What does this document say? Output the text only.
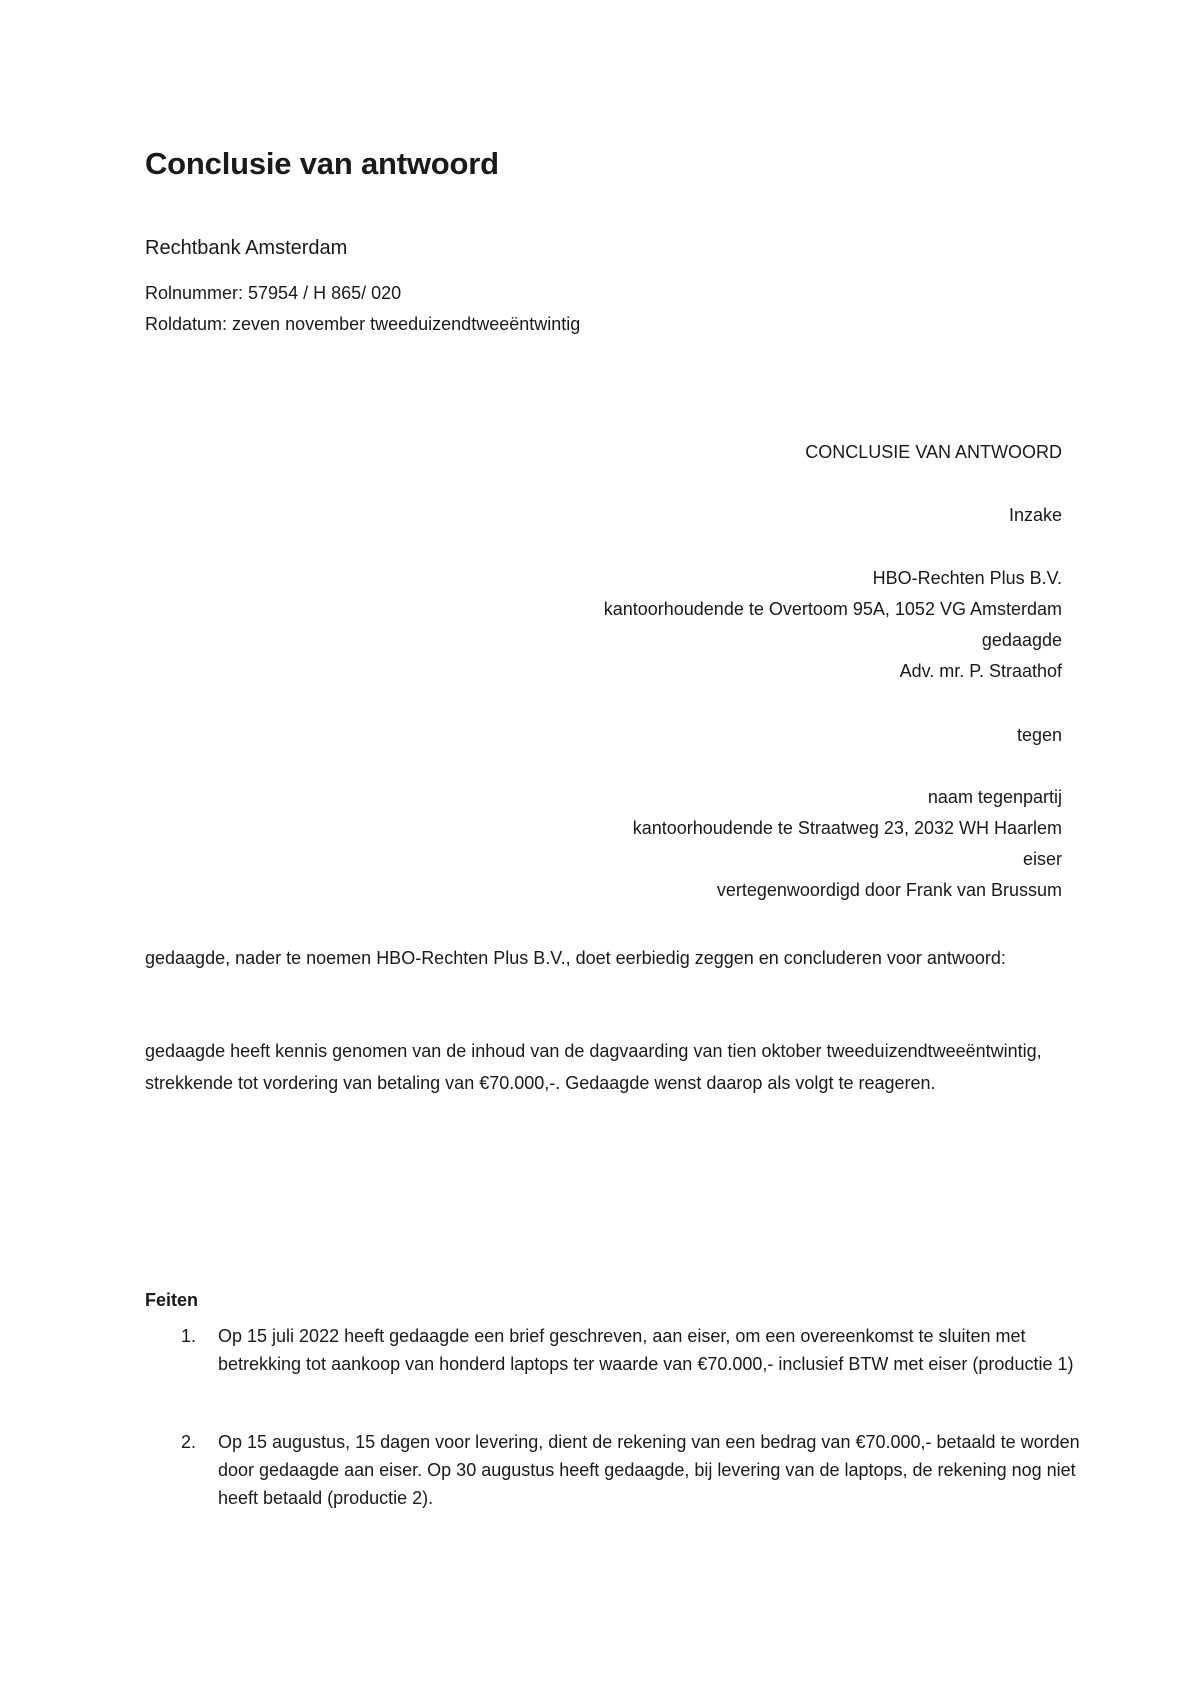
Conclusie van antwoord
Rechtbank Amsterdam
Rolnummer: 57954 / H 865/ 020
Roldatum: zeven november tweeduizendtweeëntwintig
CONCLUSIE VAN ANTWOORD
Inzake
HBO-Rechten Plus B.V.
kantoorhoudende te Overtoom 95A, 1052 VG Amsterdam
gedaagde
Adv. mr. P. Straathof
tegen
naam tegenpartij
kantoorhoudende te Straatweg 23, 2032 WH Haarlem
eiser
vertegenwoordigd door Frank van Brussum
gedaagde, nader te noemen HBO-Rechten Plus B.V., doet eerbiedig zeggen en concluderen voor antwoord:
gedaagde heeft kennis genomen van de inhoud van de dagvaarding van tien oktober tweeduizendtweeëntwintig, strekkende tot vordering van betaling van €70.000,-. Gedaagde wenst daarop als volgt te reageren.
Feiten
1.	Op 15 juli 2022 heeft gedaagde een brief geschreven, aan eiser, om een overeenkomst te sluiten met betrekking tot aankoop van honderd laptops ter waarde van €70.000,- inclusief BTW met eiser (productie 1)
2.	Op 15 augustus, 15 dagen voor levering, dient de rekening van een bedrag van €70.000,- betaald te worden door gedaagde aan eiser. Op 30 augustus heeft gedaagde, bij levering van de laptops, de rekening nog niet heeft betaald (productie 2).
